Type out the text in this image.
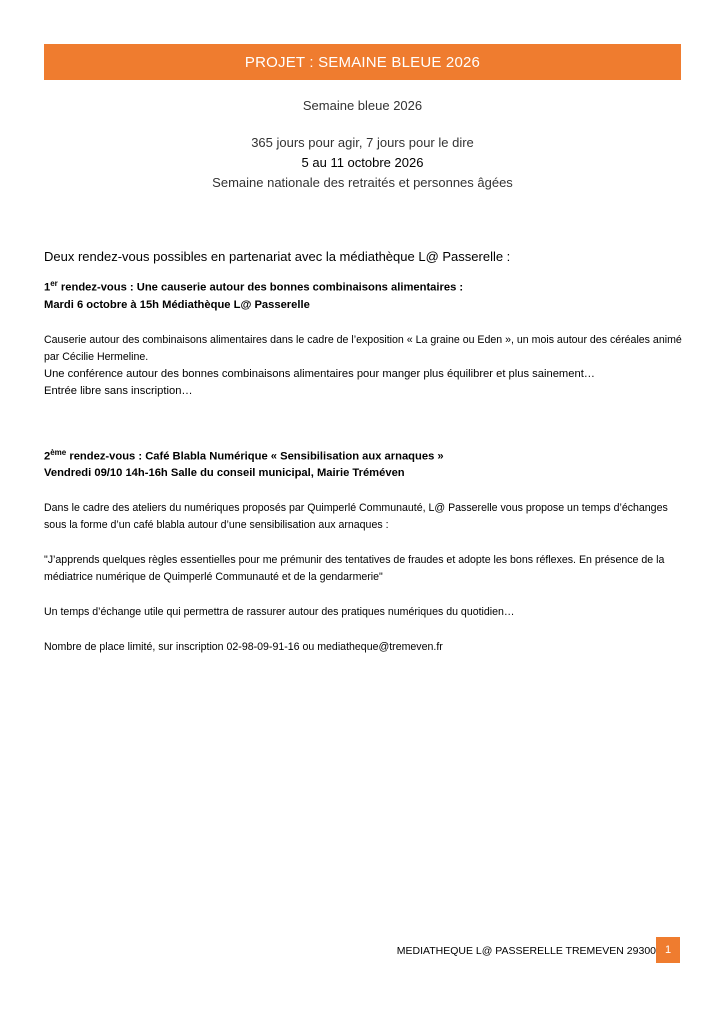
PROJET : SEMAINE BLEUE 2026
Semaine bleue 2026
365 jours pour agir, 7 jours pour le dire
5 au 11 octobre 2026
Semaine nationale des retraités et personnes âgées

Deux rendez-vous possibles en partenariat avec la médiathèque L@ Passerelle :

1er rendez-vous : Une causerie autour des bonnes combinaisons alimentaires :

Mardi 6 octobre à 15h Médiathèque L@ Passerelle

Causerie autour des combinaisons alimentaires dans le cadre de l’exposition « La graine ou Eden », un mois autour des céréales animé par Cécilie Hermeline.

Une conférence autour des bonnes combinaisons alimentaires pour manger plus équilibrer et plus sainement…

Entrée libre sans inscription…

2ème rendez-vous : Café Blabla Numérique « Sensibilisation aux arnaques »

Vendredi 09/10 14h-16h Salle du conseil municipal, Mairie Tréméven

Dans le cadre des ateliers du numériques proposés par Quimperlé Communauté, L@ Passerelle vous propose un temps d’échanges sous la forme d’un café blabla autour d’une sensibilisation aux arnaques :

"J’apprends quelques règles essentielles pour me prémunir des tentatives de fraudes et adopte les bons réflexes. En présence de la médiatrice numérique de Quimperlé Communauté et de la gendarmerie"

Un temps d’échange utile qui permettra de rassurer autour des pratiques numériques du quotidien…

Nombre de place limité, sur inscription 02-98-09-91-16 ou mediatheque@tremeven.fr

MEDIATHEQUE L@ PASSERELLE TREMEVEN 29300 1
